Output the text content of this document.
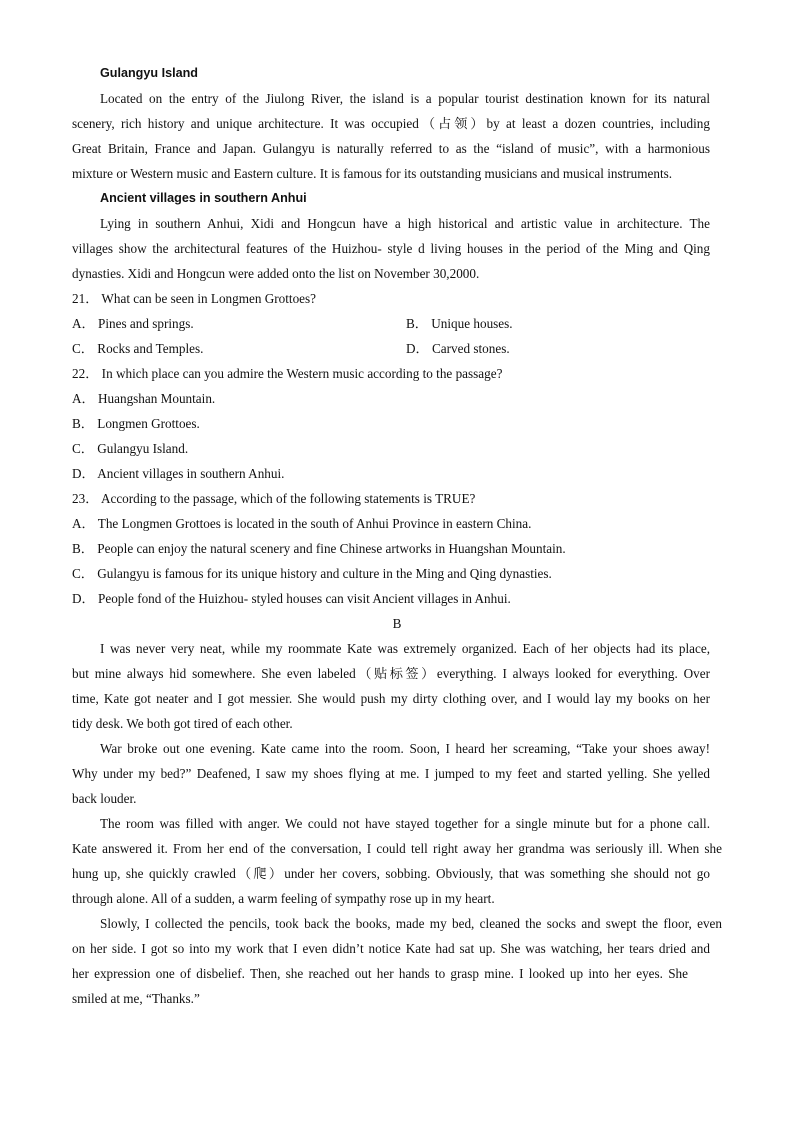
Gulangyu Island
Located on the entry of the Jiulong River, the island is a popular tourist destination known for its natural
scenery, rich history and unique architecture. It was occupied（占领）by at least a dozen countries, including
Great Britain, France and Japan. Gulangyu is naturally referred to as the “island of music”, with a harmonious
mixture or Western music and Eastern culture. It is famous for its outstanding musicians and musical instruments.
Ancient villages in southern Anhui
Lying in southern Anhui, Xidi and Hongcun have a high historical and artistic value in architecture. The
villages show the architectural features of the Huizhou- style d living houses in the period of the Ming and Qing
dynasties. Xidi and Hongcun were added onto the list on November 30,2000.
21． What can be seen in Longmen Grottoes?
A． Pines and springs.	B． Unique houses.
C． Rocks and Temples.	D． Carved stones.
22． In which place can you admire the Western music according to the passage?
A． Huangshan Mountain.
B． Longmen Grottoes.
C． Gulangyu Island.
D． Ancient villages in southern Anhui.
23． According to the passage, which of the following statements is TRUE?
A． The Longmen Grottoes is located in the south of Anhui Province in eastern China.
B． People can enjoy the natural scenery and fine Chinese artworks in Huangshan Mountain.
C． Gulangyu is famous for its unique history and culture in the Ming and Qing dynasties.
D． People fond of the Huizhou- styled houses can visit Ancient villages in Anhui.
B
I was never very neat, while my roommate Kate was extremely organized. Each of her objects had its place,
but mine always hid somewhere. She even labeled（贴标签）everything. I always looked for everything. Over
time, Kate got neater and I got messier. She would push my dirty clothing over, and I would lay my books on her
tidy desk. We both got tired of each other.
War broke out one evening. Kate came into the room. Soon, I heard her screaming, “Take your shoes away!
Why under my bed?” Deafened, I saw my shoes flying at me. I jumped to my feet and started yelling. She yelled
back louder.
The room was filled with anger. We could not have stayed together for a single minute but for a phone call.
Kate answered it. From her end of the conversation, I could tell right away her grandma was seriously ill. When she
hung up, she quickly crawled（爬）under her covers, sobbing. Obviously, that was something she should not go
through alone. All of a sudden, a warm feeling of sympathy rose up in my heart.
Slowly, I collected the pencils, took back the books, made my bed, cleaned the socks and swept the floor, even
on her side. I got so into my work that I even didn’t notice Kate had sat up. She was watching, her tears dried and
her expression one of disbelief. Then, she reached out her hands to grasp mine. I looked up into her eyes. She
smiled at me, “Thanks.”
